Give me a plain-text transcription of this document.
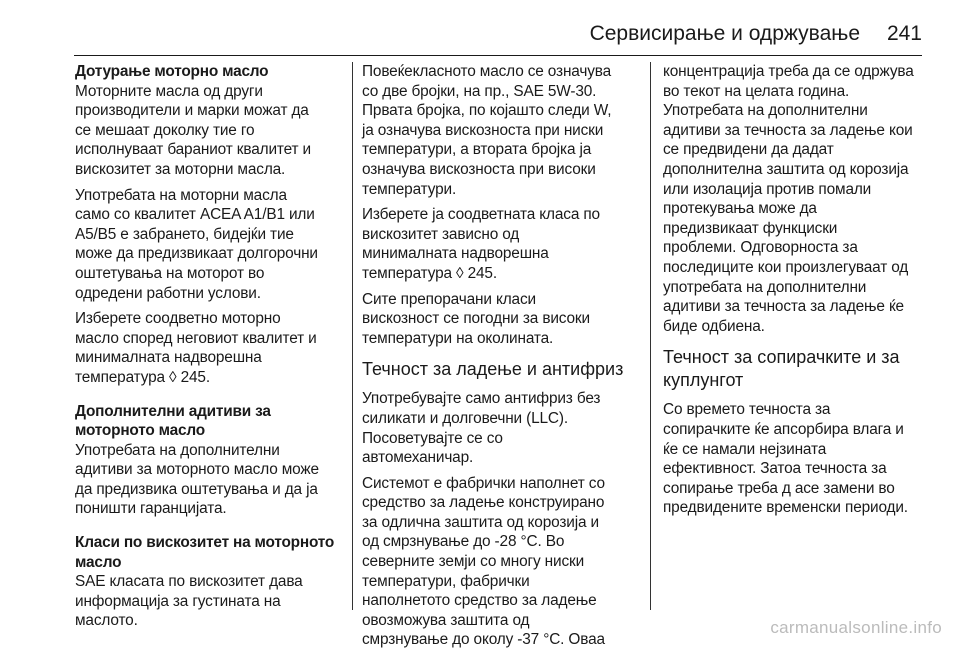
Сервисирање и одржување 241
Дотурање моторно масло
Моторните масла од други
производители и марки можат да
се мешаат доколку тие го
исполнуваат бараниот квалитет и
вискозитет за моторни масла.
Употребата на моторни масла
само со квалитет ACEA A1/B1 или
A5/B5 е забрането, бидејќи тие
може да предизвикаат долгорочни
оштетувања на моторот во
одредени работни услови.
Изберете соодветно моторно
масло според неговиот квалитет и
минималната надворешна
температура ◊ 245.
Дополнителни адитиви за
моторното масло
Употребата на дополнителни
адитиви за моторното масло може
да предизвика оштетувања и да ја
поништи гаранцијата.
Класи по вискозитет на моторното
масло
SAE класата по вискозитет дава
информација за густината на
маслото.
Повеќекласното масло се означува
со две бројки, на пр., SAE 5W-30.
Првата бројка, по којашто следи W,
ја означува вискозноста при ниски
температури, а втората бројка ја
означува вискозноста при високи
температури.
Изберете ја соодветната класа по
вискозитет зависно од
минималната надворешна
температура ◊ 245.
Сите препорачани класи
вискозност се погодни за високи
температури на околината.
Течност за ладење и антифриз
Употребувајте само антифриз без
силикати и долговечни (LLC).
Посоветувајте се со
автомеханичар.
Системот е фабрички наполнет со
средство за ладење конструирано
за одлична заштита од корозија и
од смрзнување до -28 °C. Во
северните земји со многу ниски
температури, фабрички
наполнетото средство за ладење
овозможува заштита од
смрзнување до околу -37 °C. Оваа
концентрација треба да се одржува
во текот на целата година.
Употребата на дополнителни
адитиви за течноста за ладење кои
се предвидени да дадат
дополнителна заштита од корозија
или изолација против помали
протекувања може да
предизвикаат функциски
проблеми. Одговорноста за
последиците кои произлегуваат од
употребата на дополнителни
адитиви за течноста за ладење ќе
биде одбиена.
Течност за сопирачките и за
куплунгот
Со времето течноста за
сопирачките ќе апсорбира влага и
ќе се намали нејзината
ефективност. Затоа течноста за
сопирање треба д асе замени во
предвидените временски периоди.
carmanualsonline.info
